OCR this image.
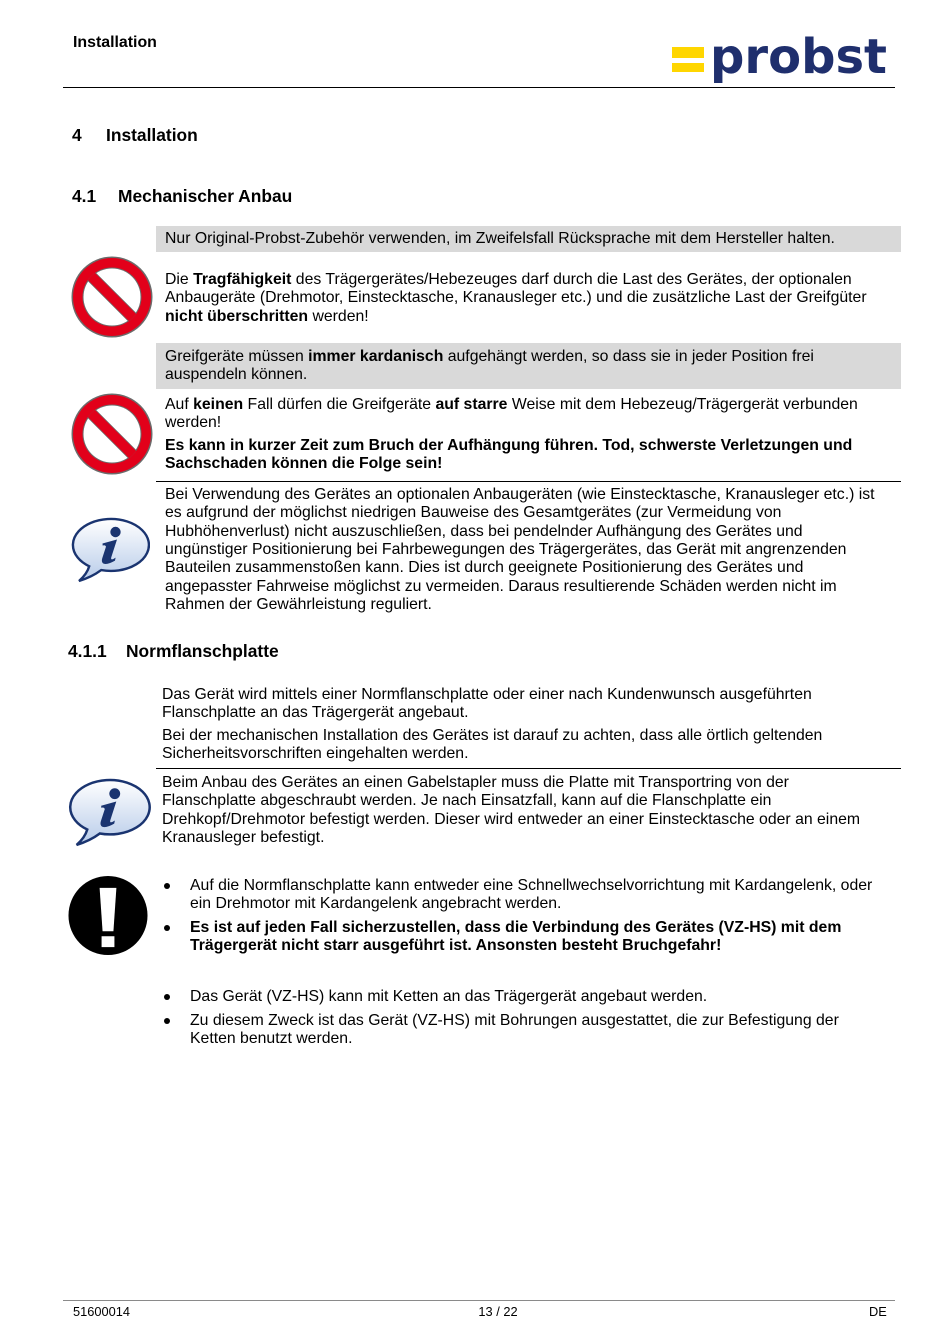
Installation	probst
4 Installation
4.1 Mechanischer Anbau
Nur Original-Probst-Zubehör verwenden, im Zweifelsfall Rücksprache mit dem Hersteller halten.
Die Tragfähigkeit des Trägergerätes/Hebezeuges darf durch die Last des Gerätes, der optionalen
Anbaugeräte (Drehmotor, Einstecktasche, Kranausleger etc.) und die zusätzliche Last der Greifgüter
nicht überschritten werden!
Greifgeräte müssen immer kardanisch aufgehängt werden, so dass sie in jeder Position frei
auspendeln können.
Auf keinen Fall dürfen die Greifgeräte auf starre Weise mit dem Hebezeug/Trägergerät verbunden
werden!
Es kann in kurzer Zeit zum Bruch der Aufhängung führen. Tod, schwerste Verletzungen und
Sachschaden können die Folge sein!
Bei Verwendung des Gerätes an optionalen Anbaugeräten (wie Einstecktasche, Kranausleger etc.) ist
es aufgrund der möglichst niedrigen Bauweise des Gesamtgerätes (zur Vermeidung von
Hubhöhenverlust) nicht auszuschließen, dass bei pendelnder Aufhängung des Gerätes und
ungünstiger Positionierung bei Fahrbewegungen des Trägergerätes, das Gerät mit angrenzenden
Bauteilen zusammenstoßen kann. Dies ist durch geeignete Positionierung des Gerätes und
angepasster Fahrweise möglichst zu vermeiden. Daraus resultierende Schäden werden nicht im
Rahmen der Gewährleistung reguliert.
4.1.1 Normflanschplatte
Das Gerät wird mittels einer Normflanschplatte oder einer nach Kundenwunsch ausgeführten
Flanschplatte an das Trägergerät angebaut.
Bei der mechanischen Installation des Gerätes ist darauf zu achten, dass alle örtlich geltenden
Sicherheitsvorschriften eingehalten werden.
Beim Anbau des Gerätes an einen Gabelstapler muss die Platte mit Transportring von der
Flanschplatte abgeschraubt werden. Je nach Einsatzfall, kann auf die Flanschplatte ein
Drehkopf/Drehmotor befestigt werden. Dieser wird entweder an einer Einstecktasche oder an einem
Kranausleger befestigt.
Auf die Normflanschplatte kann entweder eine Schnellwechselvorrichtung mit Kardangelenk, oder
ein Drehmotor mit Kardangelenk angebracht werden.
Es ist auf jeden Fall sicherzustellen, dass die Verbindung des Gerätes (VZ-HS) mit dem
Trägergerät nicht starr ausgeführt ist. Ansonsten besteht Bruchgefahr!
Das Gerät (VZ-HS) kann mit Ketten an das Trägergerät angebaut werden.
Zu diesem Zweck ist das Gerät (VZ-HS) mit Bohrungen ausgestattet, die zur Befestigung der
Ketten benutzt werden.
51600014	13 / 22	DE
